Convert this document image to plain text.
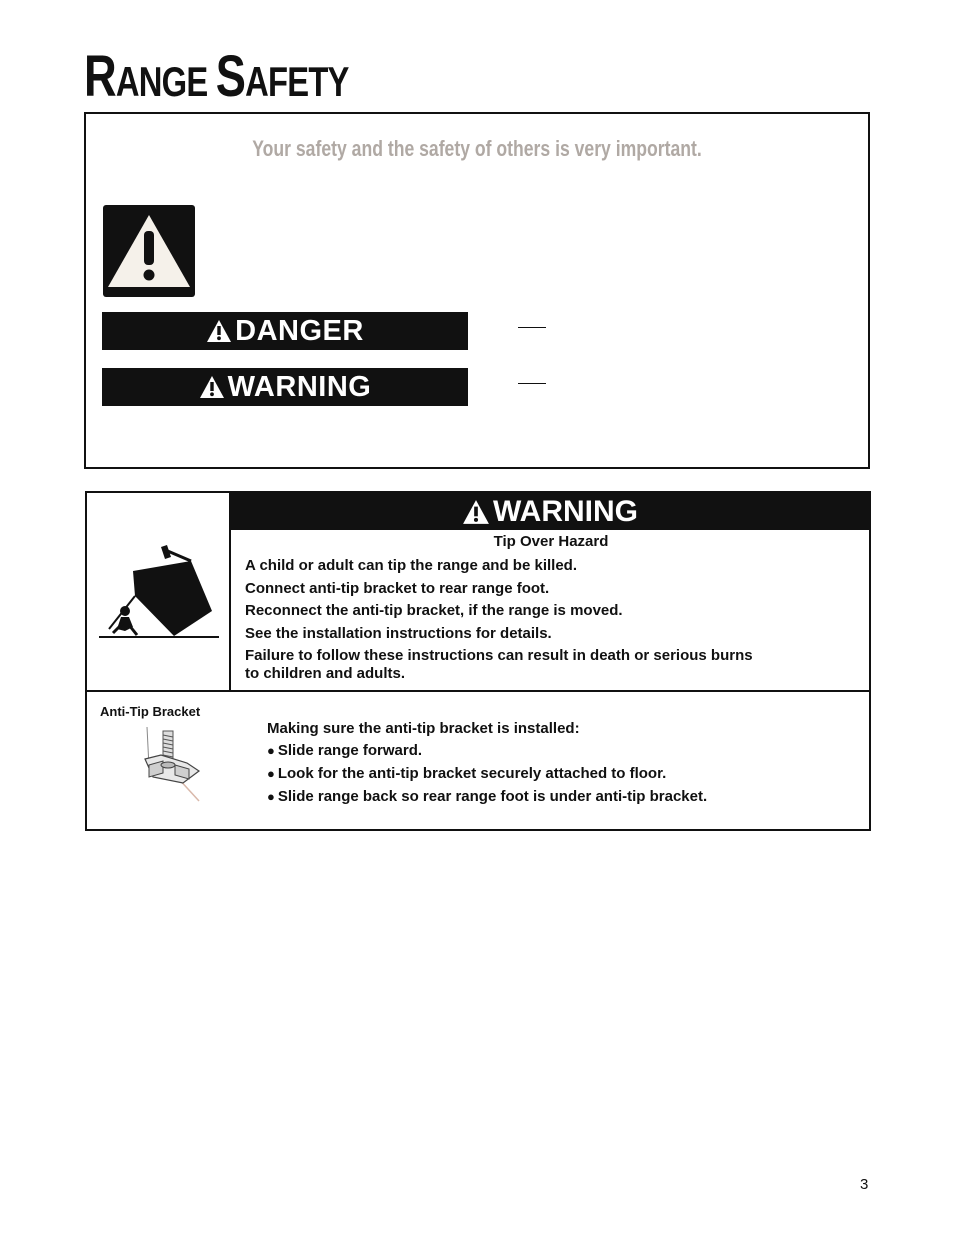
RANGE SAFETY
Your safety and the safety of others is very important.
DANGER
WARNING
WARNING
Tip Over Hazard
A child or adult can tip the range and be killed.
Connect anti-tip bracket to rear range foot.
Reconnect the anti-tip bracket, if the range is moved.
See the installation instructions for details.
Failure to follow these instructions can result in death or serious burns
to children and adults.
Anti-Tip Bracket
Making sure the anti-tip bracket is installed:
● Slide range forward.
● Look for the anti-tip bracket securely attached to floor.
● Slide range back so rear range foot is under anti-tip bracket.
3
